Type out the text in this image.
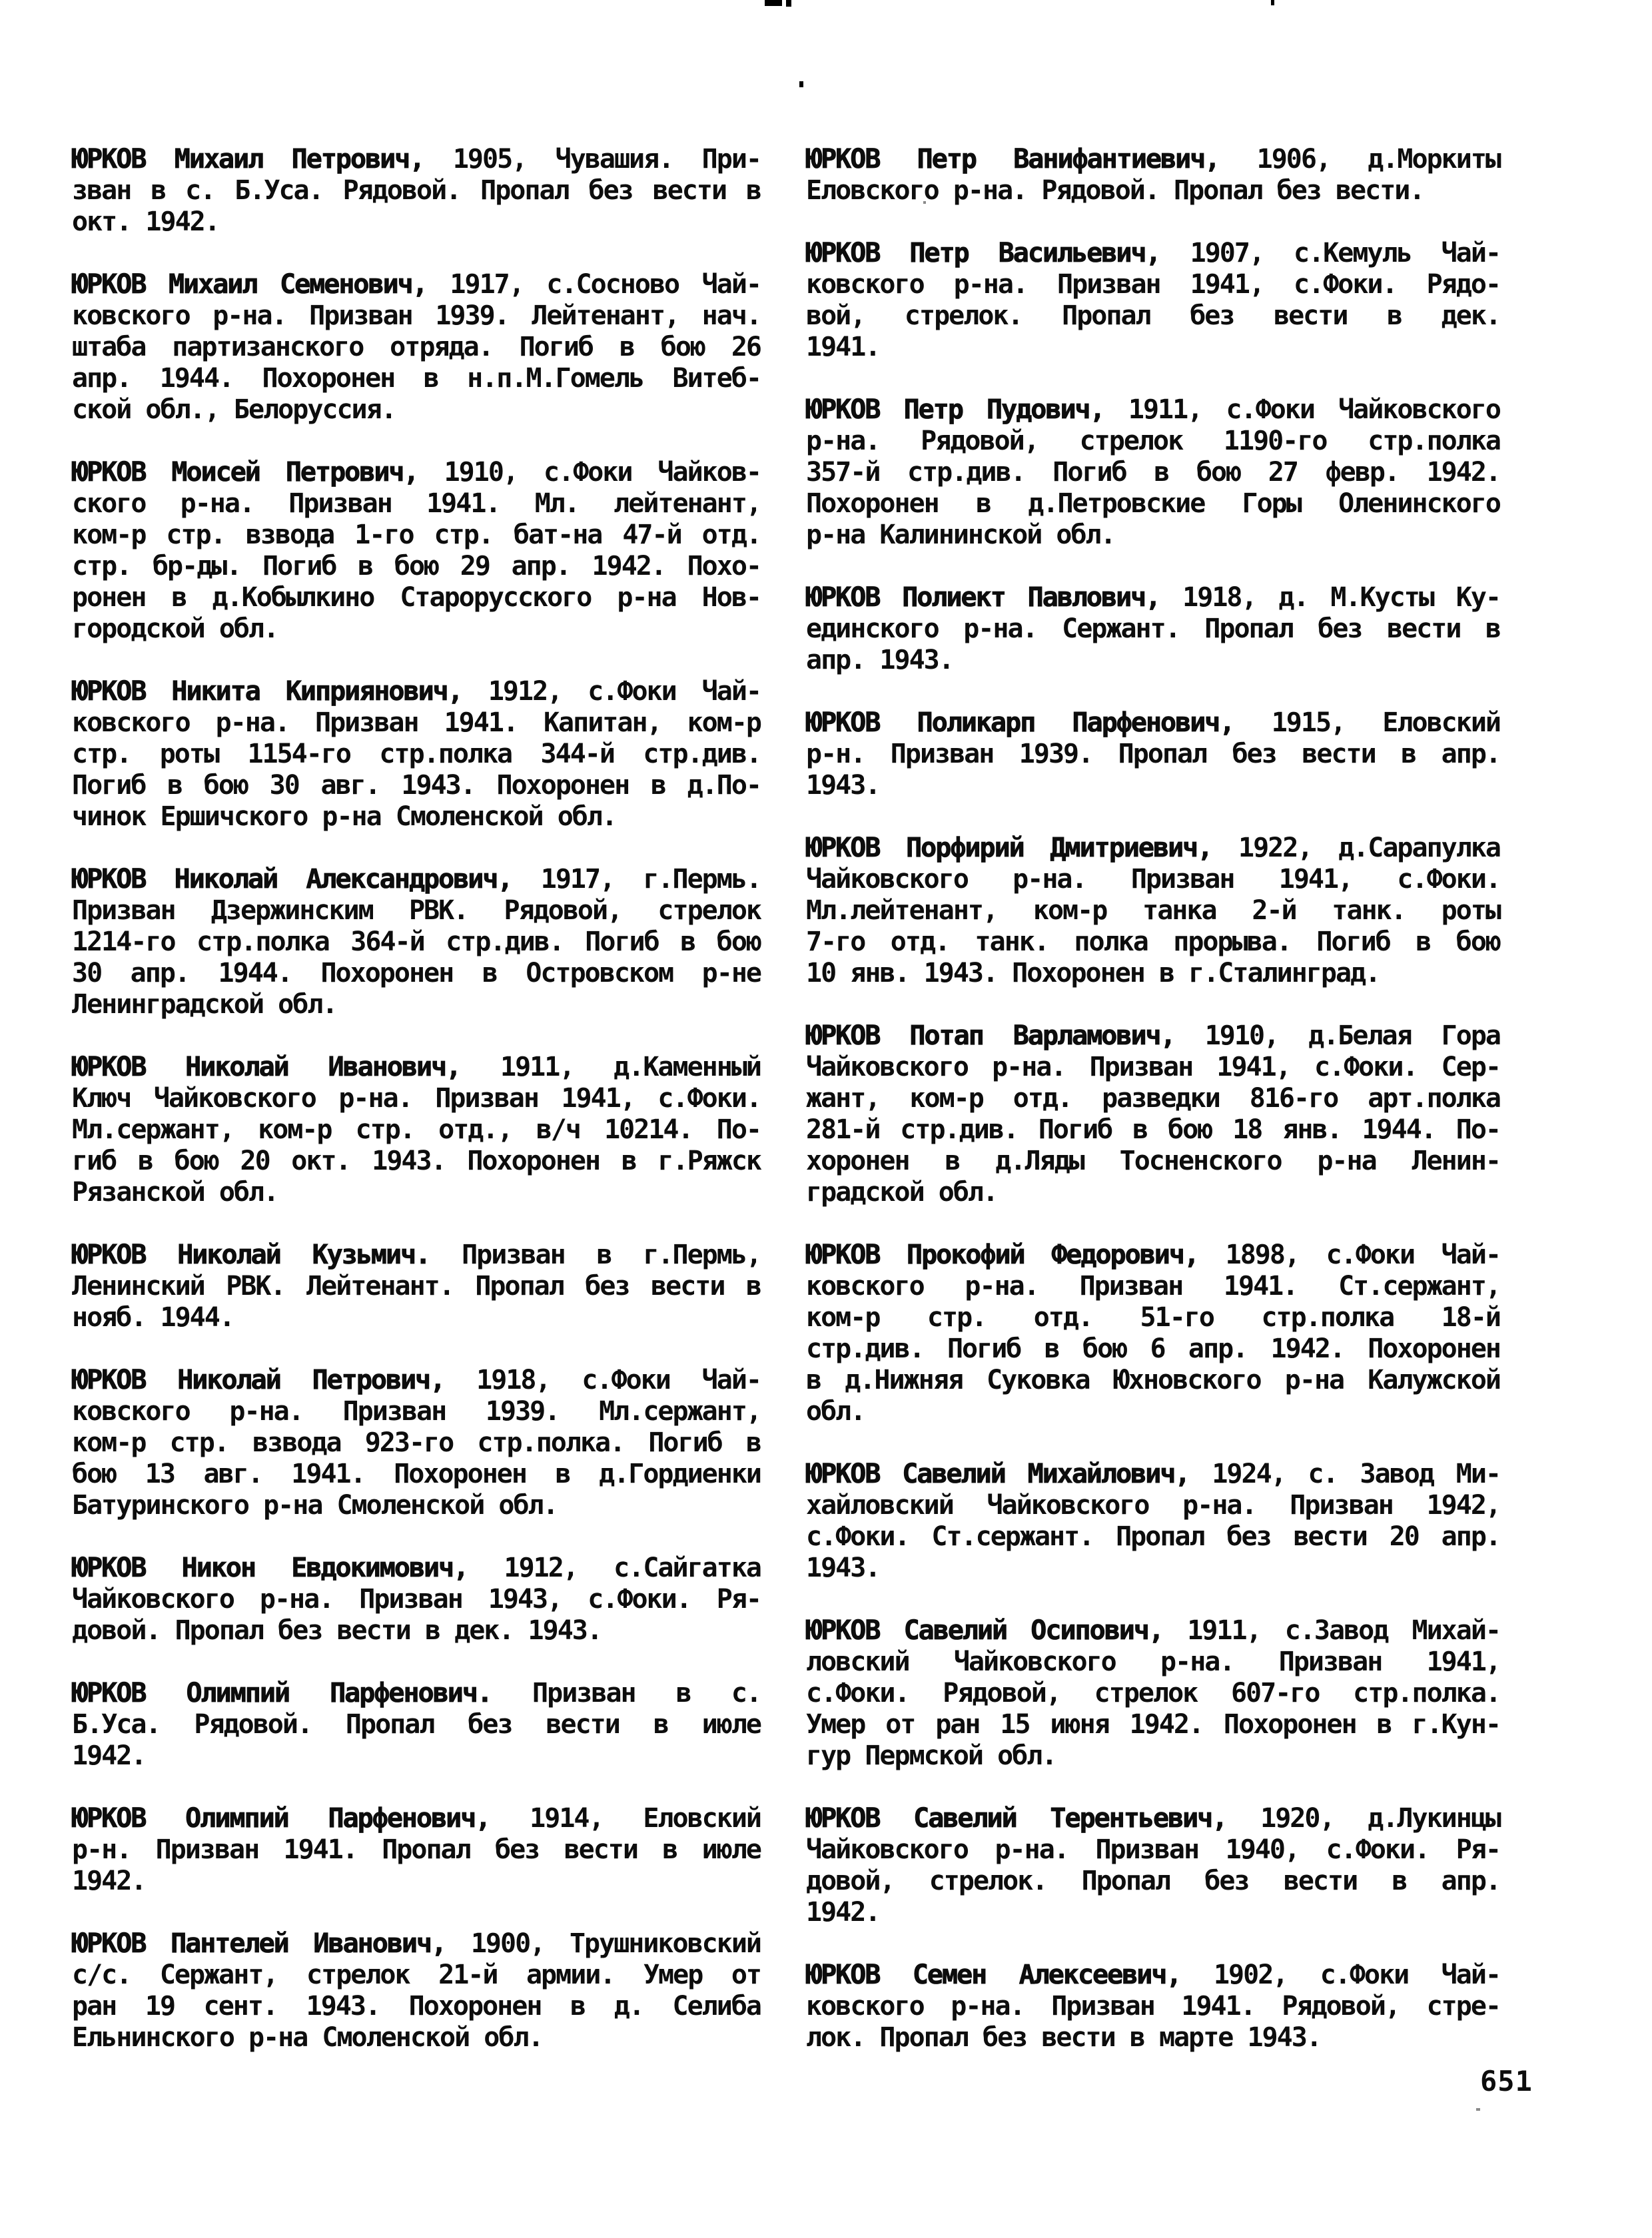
ЮРКОВ Михаил Петрович, 1905, Чувашия. При-
зван в с. Б.Уса. Рядовой. Пропал без вести в
окт. 1942.
ЮРКОВ Михаил Семенович, 1917, с.Сосново Чай-
ковского р-на. Призван 1939. Лейтенант, нач.
штаба партизанского отряда. Погиб в бою 26
апр. 1944. Похоронен в н.п.М.Гомель Витеб-
ской обл., Белоруссия.
ЮРКОВ Моисей Петрович, 1910, с.Фоки Чайков-
ского р-на. Призван 1941. Мл. лейтенант,
ком-р стр. взвода 1-го стр. бат-на 47-й отд.
стр. бр-ды. Погиб в бою 29 апр. 1942. Похо-
ронен в д.Кобылкино Старорусского р-на Нов-
городской обл.
ЮРКОВ Никита Киприянович, 1912, с.Фоки Чай-
ковского р-на. Призван 1941. Капитан, ком-р
стр. роты 1154-го стр.полка 344-й стр.див.
Погиб в бою 30 авг. 1943. Похоронен в д.По-
чинок Ершичского р-на Смоленской обл.
ЮРКОВ Николай Александрович, 1917, г.Пермь.
Призван Дзержинским РВК. Рядовой, стрелок
1214-го стр.полка 364-й стр.див. Погиб в бою
30 апр. 1944. Похоронен в Островском р-не
Ленинградской обл.
ЮРКОВ Николай Иванович, 1911, д.Каменный
Ключ Чайковского р-на. Призван 1941, с.Фоки.
Мл.сержант, ком-р стр. отд., в/ч 10214. По-
гиб в бою 20 окт. 1943. Похоронен в г.Ряжск
Рязанской обл.
ЮРКОВ Николай Кузьмич. Призван в г.Пермь,
Ленинский РВК. Лейтенант. Пропал без вести в
нояб. 1944.
ЮРКОВ Николай Петрович, 1918, с.Фоки Чай-
ковского р-на. Призван 1939. Мл.сержант,
ком-р стр. взвода 923-го стр.полка. Погиб в
бою 13 авг. 1941. Похоронен в д.Гордиенки
Батуринского р-на Смоленской обл.
ЮРКОВ Никон Евдокимович, 1912, с.Сайгатка
Чайковского р-на. Призван 1943, с.Фоки. Ря-
довой. Пропал без вести в дек. 1943.
ЮРКОВ Олимпий Парфенович. Призван в с.
Б.Уса. Рядовой. Пропал без вести в июле
1942.
ЮРКОВ Олимпий Парфенович, 1914, Еловский
р-н. Призван 1941. Пропал без вести в июле
1942.
ЮРКОВ Пантелей Иванович, 1900, Трушниковский
с/с. Сержант, стрелок 21-й армии. Умер от
ран 19 сент. 1943. Похоронен в д. Селиба
Ельнинского р-на Смоленской обл.
ЮРКОВ Петр Ванифантиевич, 1906, д.Моркиты
Еловского р-на. Рядовой. Пропал без вести.
ЮРКОВ Петр Васильевич, 1907, с.Кемуль Чай-
ковского р-на. Призван 1941, с.Фоки. Рядо-
вой, стрелок. Пропал без вести в дек.
1941.
ЮРКОВ Петр Пудович, 1911, с.Фоки Чайковского
р-на. Рядовой, стрелок 1190-го стр.полка
357-й стр.див. Погиб в бою 27 февр. 1942.
Похоронен в д.Петровские Горы Оленинского
р-на Калининской обл.
ЮРКОВ Полиект Павлович, 1918, д. М.Кусты Ку-
единского р-на. Сержант. Пропал без вести в
апр. 1943.
ЮРКОВ Поликарп Парфенович, 1915, Еловский
р-н. Призван 1939. Пропал без вести в апр.
1943.
ЮРКОВ Порфирий Дмитриевич, 1922, д.Сарапулка
Чайковского р-на. Призван 1941, с.Фоки.
Мл.лейтенант, ком-р танка 2-й танк. роты
7-го отд. танк. полка прорыва. Погиб в бою
10 янв. 1943. Похоронен в г.Сталинград.
ЮРКОВ Потап Варламович, 1910, д.Белая Гора
Чайковского р-на. Призван 1941, с.Фоки. Сер-
жант, ком-р отд. разведки 816-го арт.полка
281-й стр.див. Погиб в бою 18 янв. 1944. По-
хоронен в д.Ляды Тосненского р-на Ленин-
градской обл.
ЮРКОВ Прокофий Федорович, 1898, с.Фоки Чай-
ковского р-на. Призван 1941. Ст.сержант,
ком-р стр. отд. 51-го стр.полка 18-й
стр.див. Погиб в бою 6 апр. 1942. Похоронен
в д.Нижняя Суковка Юхновского р-на Калужской
обл.
ЮРКОВ Савелий Михайлович, 1924, с. Завод Ми-
хайловский Чайковского р-на. Призван 1942,
с.Фоки. Ст.сержант. Пропал без вести 20 апр.
1943.
ЮРКОВ Савелий Осипович, 1911, с.Завод Михай-
ловский Чайковского р-на. Призван 1941,
с.Фоки. Рядовой, стрелок 607-го стр.полка.
Умер от ран 15 июня 1942. Похоронен в г.Кун-
гур Пермской обл.
ЮРКОВ Савелий Терентьевич, 1920, д.Лукинцы
Чайковского р-на. Призван 1940, с.Фоки. Ря-
довой, стрелок. Пропал без вести в апр.
1942.
ЮРКОВ Семен Алексеевич, 1902, с.Фоки Чай-
ковского р-на. Призван 1941. Рядовой, стре-
лок. Пропал без вести в марте 1943.
651
